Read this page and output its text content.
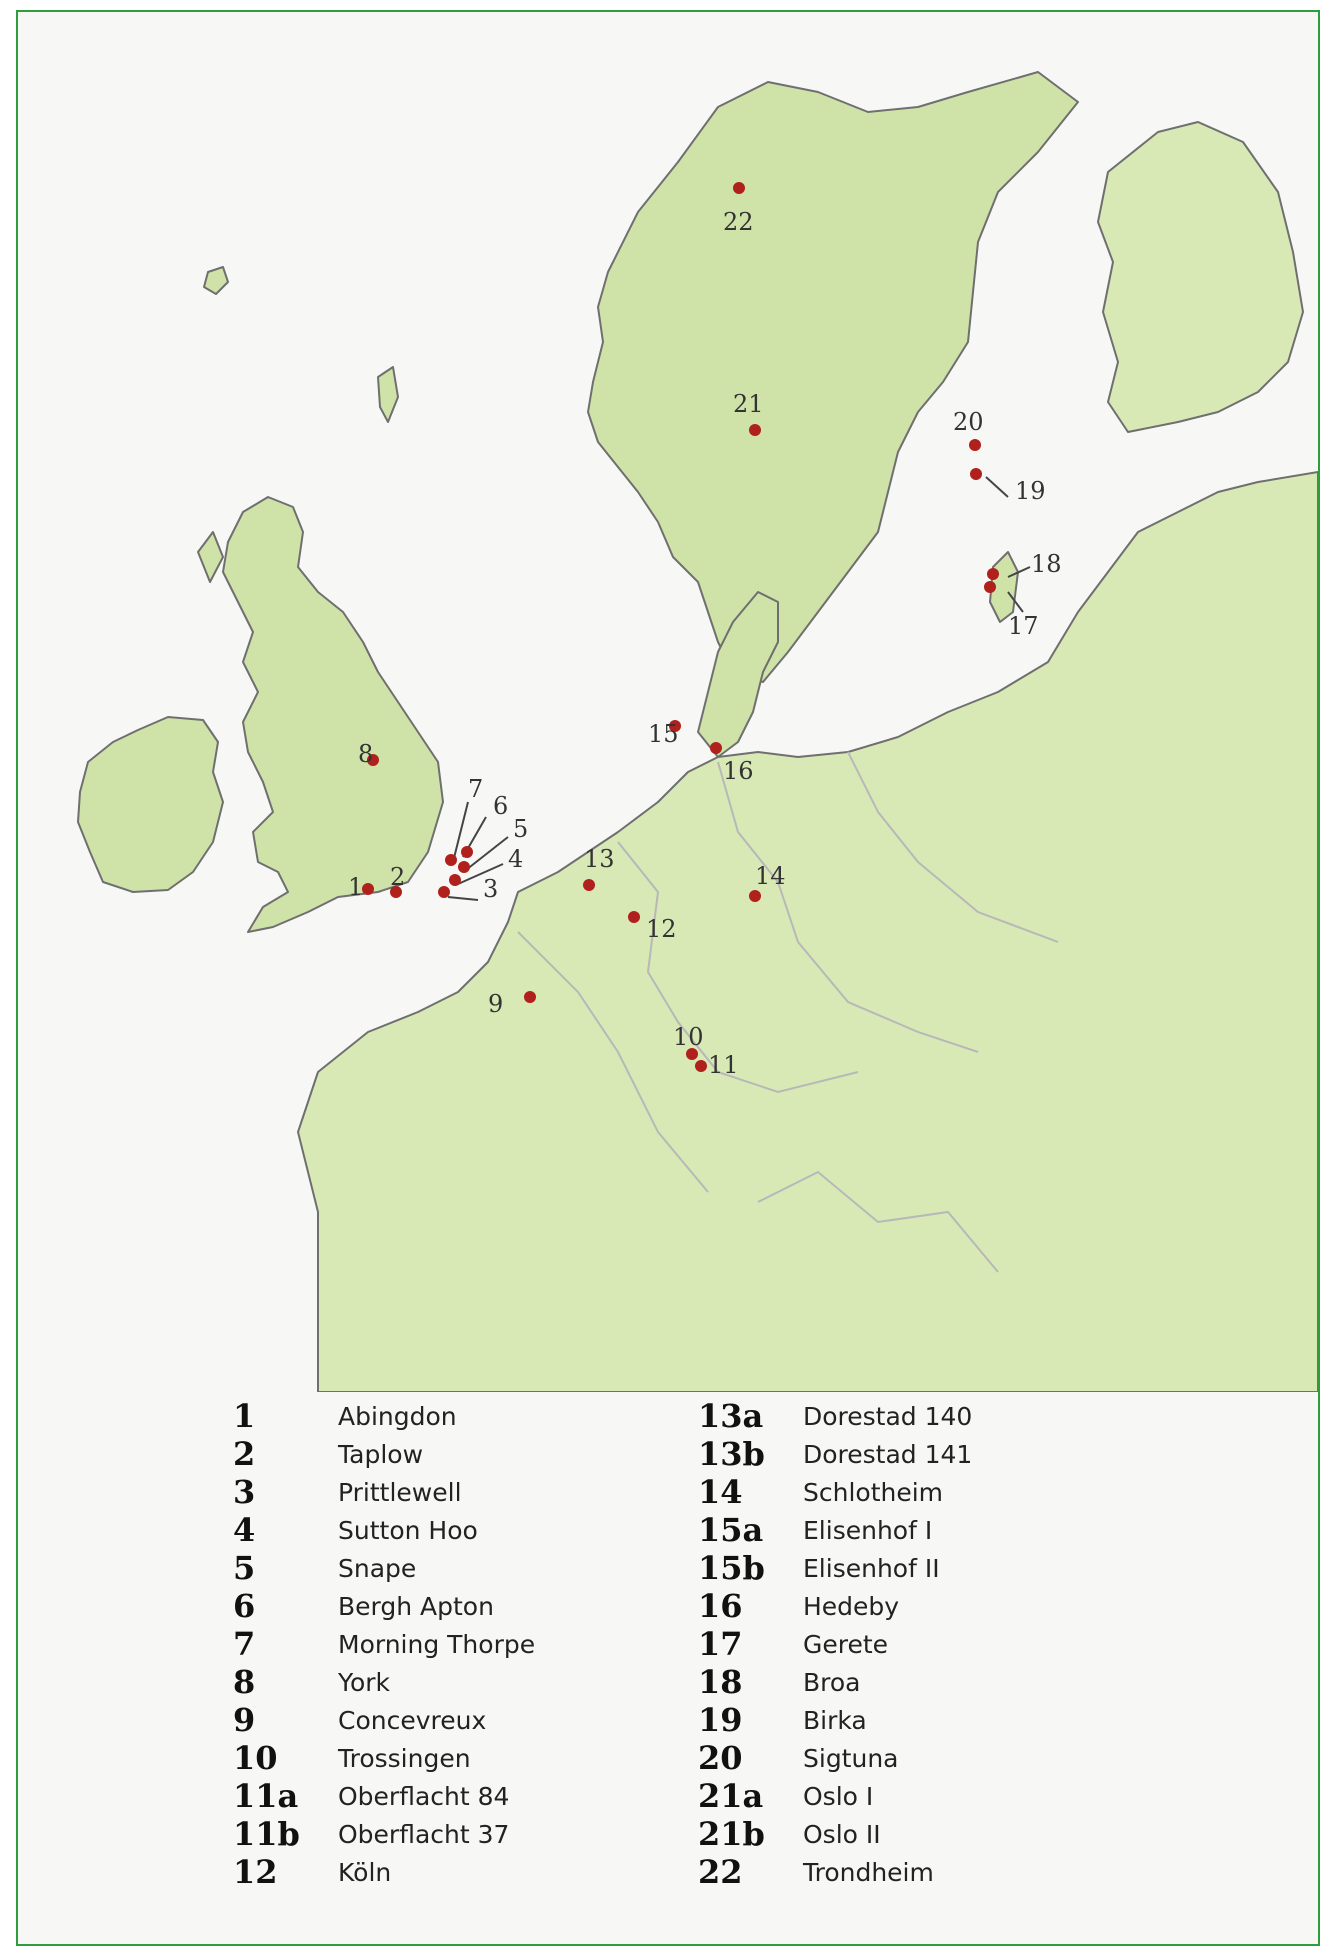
1 2	3
4
5
6
7
8
9
10
11
12
13
14
15
16
17
18
19
20
21
22
1	Abingdon
2	Taplow
3	Prittlewell
4	Sutton Hoo
5	Snape
6	Bergh Apton
7	Morning Thorpe
8	York
9	Concevreux
10	Trossingen
11a	Oberflacht 84
11b	Oberflacht 37
12	Köln
13a	Dorestad 140
13b	Dorestad 141
14	Schlotheim
15a	Elisenhof I
15b	Elisenhof II
16	Hedeby
17	Gerete
18	Broa
19	Birka
20	Sigtuna
21a	Oslo I
21b	Oslo II
22	Trondheim
